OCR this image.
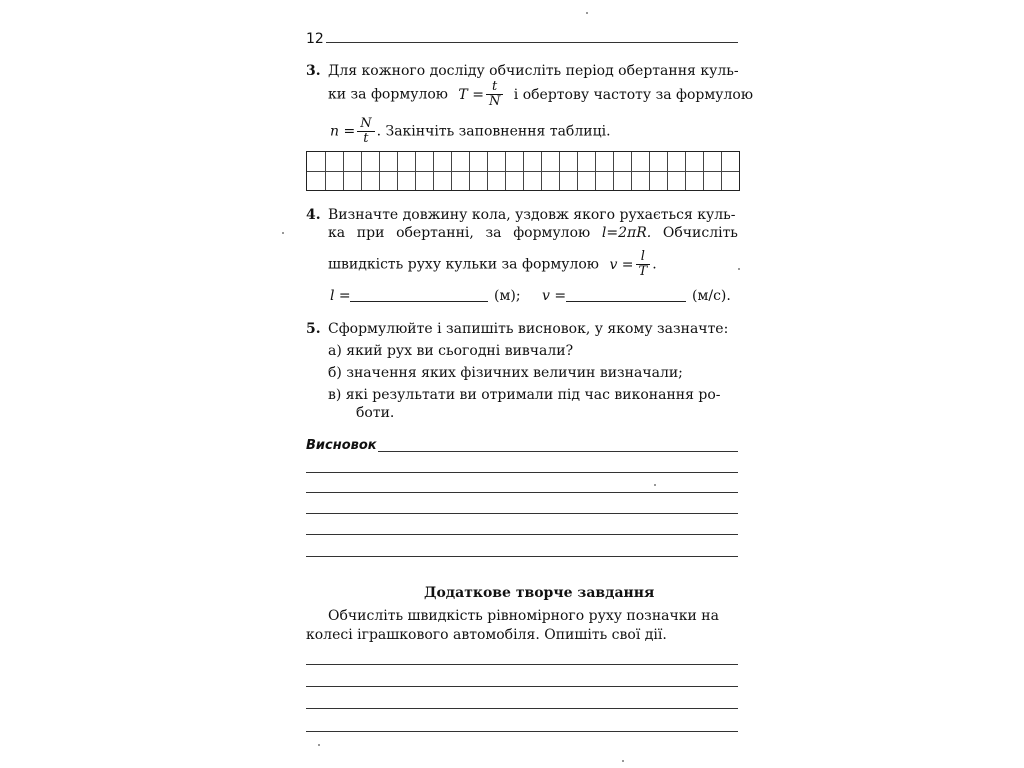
12
3. Для кожного досліду обчисліть період обертання куль-
ки за формулою $T = \frac{t}{N}$ і обертову частоту за формулою
$n = \frac{N}{t}$ . Закінчіть заповнення таблиці.
4. Визначте довжину кола, уздовж якого рухається куль-
ка при обертанні, за формулою l=2πR. Обчисліть
швидкість руху кульки за формулою $v = \frac{l}{T}$ .
l =	(м); v =	(м/с).
5. Сформулюйте і запишіть висновок, у якому зазначте:
а) який рух ви сьогодні вивчали?
б) значення яких фізичних величин визначали;
в) які результати ви отримали під час виконання ро-
боти.
Висновок
Додаткове творче завдання
Обчисліть швидкість рівномірного руху позначки на
колесі іграшкового автомобіля. Опишіть свої дії.
